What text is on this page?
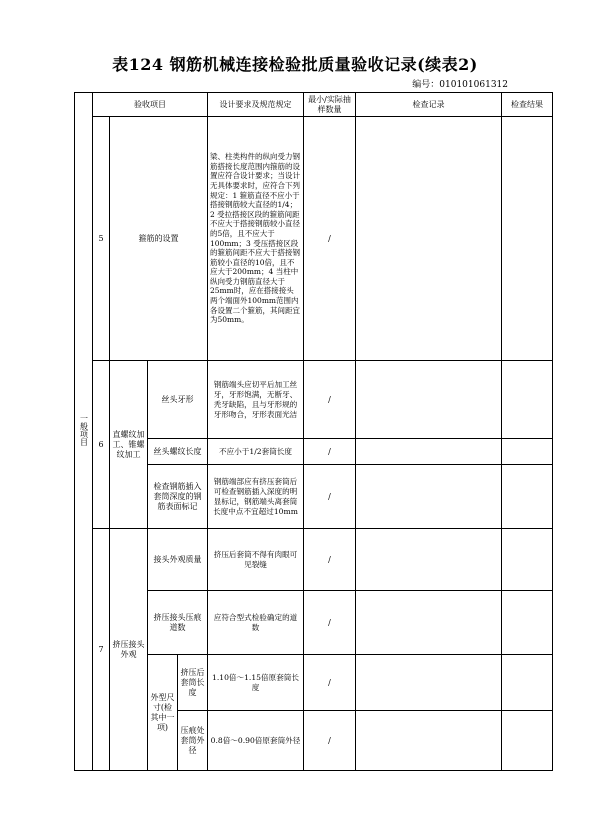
表124 钢筋机械连接检验批质量验收记录(续表2)
编号：010101061312
一般项目	验收项目				设计要求及规范规定	最小/实际抽样数量	检查记录	检查结果
	5	箍筋的设置			梁、柱类构件的纵向受力钢筋搭接长度范围内箍筋的设置应符合设计要求；当设计无具体要求时，应符合下列规定：1 箍筋直径不应小于搭接钢筋较大直径的1/4；2 受拉搭接区段的箍筋间距不应大于搭接钢筋较小直径的5倍，且不应大于100mm；3 受压搭接区段的箍筋间距不应大于搭接钢筋较小直径的10倍，且不应大于200mm；4 当柱中纵向受力钢筋直径大于25mm时，应在搭接接头两个端面外100mm范围内各设置二个箍筋，其间距宜为50mm。	/		
	6	直螺纹加工、锥螺纹加工	丝头牙形		钢筋端头应切平后加工丝牙，牙形饱满，无断牙、秃牙缺陷，且与牙形规的牙形吻合，牙形表面光洁	/		
			丝头螺纹长度		不应小于1/2套筒长度	/		
			检查钢筋插入套筒深度的钢筋表面标记		钢筋端部应有挤压套筒后可检查钢筋插入深度的明显标记，钢筋端头离套筒长度中点不宜超过10mm	/		
	7	挤压接头外观	接头外观质量		挤压后套筒不得有肉眼可见裂缝	/		
			挤压接头压痕道数		应符合型式检验确定的道数	/		
			外型尺寸(检其中一项)	挤压后套筒长度	1.10倍～1.15倍原套筒长度	/		
				压痕处套筒外径	0.8倍～0.90倍原套筒外径	/		
